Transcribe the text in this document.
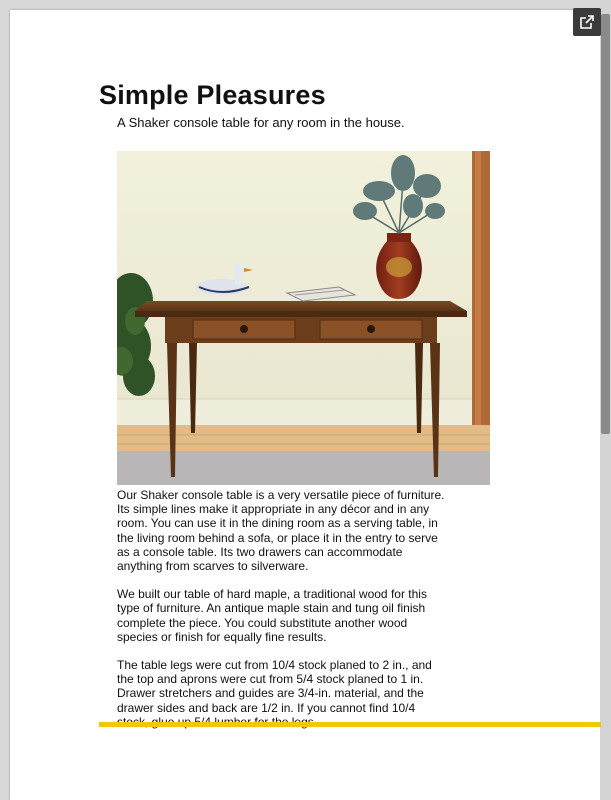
Simple Pleasures

A Shaker console table for any room in the house.

Our Shaker console table is a very versatile piece of furniture. Its simple lines make it appropriate in any décor and in any room. You can use it in the dining room as a serving table, in the living room behind a sofa, or place it in the entry to serve as a console table. Its two drawers can accommodate anything from scarves to silverware.

We built our table of hard maple, a traditional wood for this type of furniture. An antique maple stain and tung oil finish complete the piece. You could substitute another wood species or finish for equally fine results.

The table legs were cut from 10/4 stock planed to 2 in., and the top and aprons were cut from 5/4 stock planed to 1 in. Drawer stretchers and guides are 3/4-in. material, and the drawer sides and back are 1/2 in. If you cannot find 10/4
